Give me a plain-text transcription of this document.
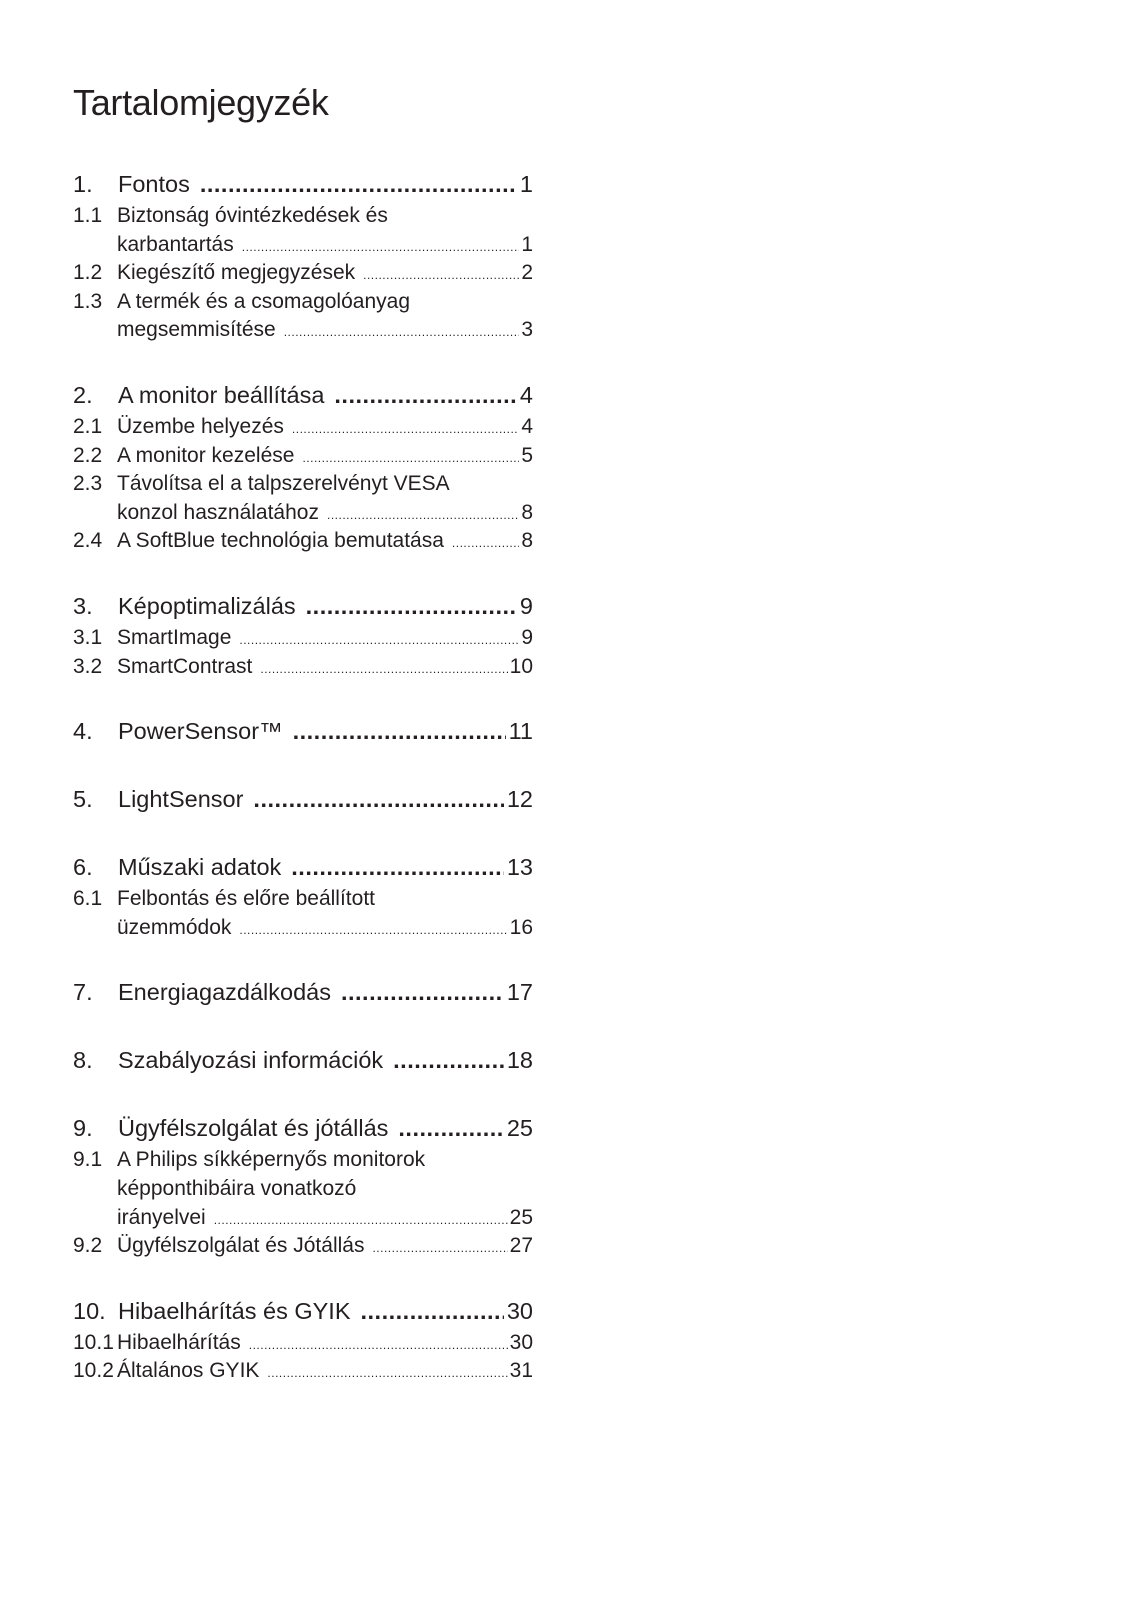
Tartalomjegyzék
1.	Fontos .....	1
1.1 Biztonság óvintézkedések és
karbantartás .....	1
1.2 Kiegészítő megjegyzések .....	2
1.3 A termék és a csomagolóanyag
megsemmisítése .....	3
2.	A monitor beállítása .....	4
2.1 Üzembe helyezés .....	4
2.2 A monitor kezelése .....	5
2.3 Távolítsa el a talpszerelvényt VESA
konzol használatához .....	8
2.4 A SoftBlue technológia bemutatása .....	8
3.	Képoptimalizálás .....	9
3.1 SmartImage .....	9
3.2 SmartContrast .....	10
4.	PowerSensor™ .....	11
5.	LightSensor .....	12
6.	Műszaki adatok .....	13
6.1 Felbontás és előre beállított
üzemmódok .....	16
7.	Energiagazdálkodás .....	17
8.	Szabályozási információk .....	18
9.	Ügyfélszolgálat és jótállás .....	25
9.1 A Philips síkképernyős monitorok
képponthibáira vonatkozó
irányelvei .....	25
9.2 Ügyfélszolgálat és Jótállás .....	27
10. Hibaelhárítás és GYIK .....	30
10.1 Hibaelhárítás .....	30
10.2 Általános GYIK .....	31
